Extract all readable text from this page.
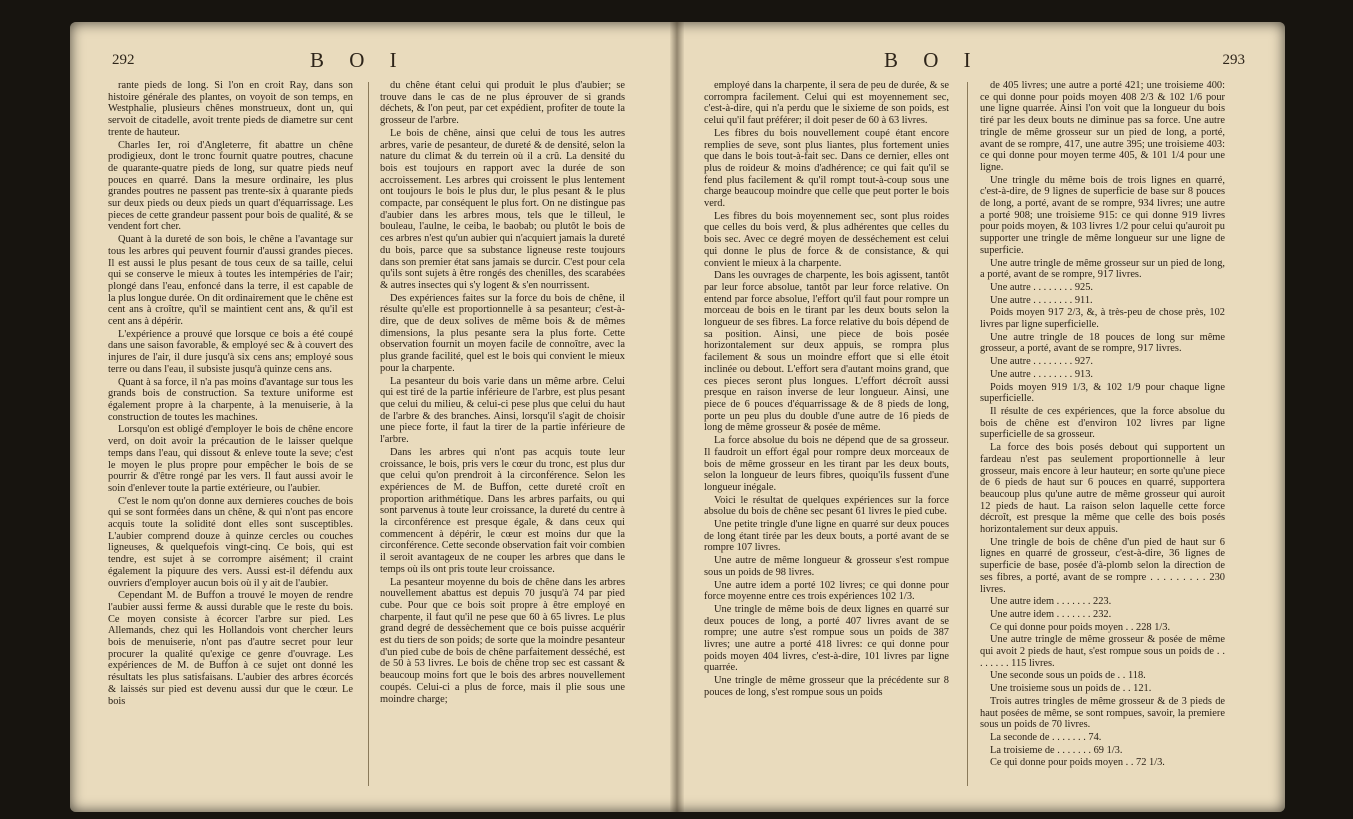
292	B O I

rante pieds de long. Si l'on en croit Ray, dans son histoire générale des plantes, on voyoit de son temps, en Westphalie, plusieurs chênes monstrueux, dont un, qui servoit de citadelle, avoit trente pieds de diametre sur cent trente de hauteur.

Charles Ier, roi d'Angleterre, fit abattre un chêne prodigieux, dont le tronc fournit quatre poutres, chacune de quarante-quatre pieds de long, sur quatre pieds neuf pouces en quarré. Dans la mesure ordinaire, les plus grandes poutres ne passent pas trente-six à quarante pieds sur deux pieds ou deux pieds un quart d'équarrissage. Les pieces de cette grandeur passent pour bois de qualité, & se vendent fort cher.

Quant à la dureté de son bois, le chêne a l'avantage sur tous les arbres qui peuvent fournir d'aussi grandes pieces. Il est aussi le plus pesant de tous ceux de sa taille, celui qui se conserve le mieux à toutes les intempéries de l'air; plongé dans l'eau, enfoncé dans la terre, il est capable de la plus longue durée. On dit ordinairement que le chêne est cent ans à croître, qu'il se maintient cent ans, & qu'il est cent ans à dépérir.

L'expérience a prouvé que lorsque ce bois a été coupé dans une saison favorable, & employé sec & à couvert des injures de l'air, il dure jusqu'à six cens ans; employé sous terre ou dans l'eau, il subsiste jusqu'à quinze cens ans.

Quant à sa force, il n'a pas moins d'avantage sur tous les grands bois de construction. Sa texture uniforme est également propre à la charpente, à la menuiserie, à la construction de toutes les machines.

Lorsqu'on est obligé d'employer le bois de chêne encore verd, on doit avoir la précaution de le laisser quelque temps dans l'eau, qui dissout & enleve toute la seve; c'est le moyen le plus propre pour empêcher le bois de se pourrir & d'être rongé par les vers. Il faut aussi avoir le soin d'enlever toute la partie extérieure, ou l'aubier.

C'est le nom qu'on donne aux dernieres couches de bois qui se sont formées dans un chêne, & qui n'ont pas encore acquis toute la solidité dont elles sont susceptibles. L'aubier comprend douze à quinze cercles ou couches ligneuses, & quelquefois vingt-cinq. Ce bois, qui est tendre, est sujet à se corrompre aisément; il craint également la piquure des vers. Aussi est-il défendu aux ouvriers d'employer aucun bois où il y ait de l'aubier.

Cependant M. de Buffon a trouvé le moyen de rendre l'aubier aussi ferme & aussi durable que le reste du bois. Ce moyen consiste à écorcer l'arbre sur pied. Les Allemands, chez qui les Hollandois vont chercher leurs bois de menuiserie, n'ont pas d'autre secret pour leur procurer la qualité qu'exige ce genre d'ouvrage. Les expériences de M. de Buffon à ce sujet ont donné les résultats les plus satisfaisans. L'aubier des arbres écorcés & laissés sur pied est devenu aussi dur que le cœur. Le bois

du chêne étant celui qui produit le plus d'aubier; se trouve dans le cas de ne plus éprouver de si grands déchets, & l'on peut, par cet expédient, profiter de toute la grosseur de l'arbre.

Le bois de chêne, ainsi que celui de tous les autres arbres, varie de pesanteur, de dureté & de densité, selon la nature du climat & du terrein où il a crû. La densité du bois est toujours en rapport avec la durée de son accroissement. Les arbres qui croissent le plus lentement ont toujours le bois le plus dur, le plus pesant & le plus compacte, par conséquent le plus fort. On ne distingue pas d'aubier dans les arbres mous, tels que le tilleul, le bouleau, l'aulne, le ceiba, le baobab; ou plutôt le bois de ces arbres n'est qu'un aubier qui n'acquiert jamais la dureté du bois, parce que sa substance ligneuse reste toujours dans son premier état sans jamais se durcir. C'est pour cela qu'ils sont sujets à être rongés des chenilles, des scarabées & autres insectes qui s'y logent & s'en nourrissent.

Des expériences faites sur la force du bois de chêne, il résulte qu'elle est proportionnelle à sa pesanteur; c'est-à-dire, que de deux solives de même bois & de mêmes dimensions, la plus pesante sera la plus forte. Cette observation fournit un moyen facile de connoître, avec la plus grande facilité, quel est le bois qui convient le mieux pour la charpente.

La pesanteur du bois varie dans un même arbre. Celui qui est tiré de la partie inférieure de l'arbre, est plus pesant que celui du milieu, & celui-ci pese plus que celui du haut de l'arbre & des branches. Ainsi, lorsqu'il s'agit de choisir une piece forte, il faut la tirer de la partie inférieure de l'arbre.

Dans les arbres qui n'ont pas acquis toute leur croissance, le bois, pris vers le cœur du tronc, est plus dur que celui qu'on prendroit à la circonférence. Selon les expériences de M. de Buffon, cette dureté croît en proportion arithmétique. Dans les arbres parfaits, ou qui sont parvenus à toute leur croissance, la dureté du centre à la circonférence est presque égale, & dans ceux qui commencent à dépérir, le cœur est moins dur que la circonférence. Cette seconde observation fait voir combien il seroit avantageux de ne couper les arbres que dans le temps où ils ont pris toute leur croissance.

La pesanteur moyenne du bois de chêne dans les arbres nouvellement abattus est depuis 70 jusqu'à 74 par pied cube. Pour que ce bois soit propre à être employé en charpente, il faut qu'il ne pese que 60 à 65 livres. Le plus grand degré de dessèchement que ce bois puisse acquérir est du tiers de son poids; de sorte que la moindre pesanteur d'un pied cube de bois de chêne parfaitement desséché, est de 50 à 53 livres. Le bois de chêne trop sec est cassant & beaucoup moins fort que le bois des arbres nouvellement coupés. Celui-ci a plus de force, mais il plie sous une moindre charge;

B O I	293

employé dans la charpente, il sera de peu de durée, & se corrompra facilement. Celui qui est moyennement sec, c'est-à-dire, qui n'a perdu que le sixieme de son poids, est celui qu'il faut préférer; il doit peser de 60 à 63 livres.

Les fibres du bois nouvellement coupé étant encore remplies de seve, sont plus liantes, plus fortement unies que dans le bois tout-à-fait sec. Dans ce dernier, elles ont plus de roideur & moins d'adhérence; ce qui fait qu'il se fend plus facilement & qu'il rompt tout-à-coup sous une charge beaucoup moindre que celle que peut porter le bois verd.

Les fibres du bois moyennement sec, sont plus roides que celles du bois verd, & plus adhérentes que celles du bois sec. Avec ce degré moyen de desséchement est celui qui donne le plus de force & de consistance, & qui convient le mieux à la charpente.

Dans les ouvrages de charpente, les bois agissent, tantôt par leur force absolue, tantôt par leur force relative. On entend par force absolue, l'effort qu'il faut pour rompre un morceau de bois en le tirant par les deux bouts selon la longueur de ses fibres. La force relative du bois dépend de sa position. Ainsi, une piece de bois posée horizontalement sur deux appuis, se rompra plus facilement & sous un moindre effort que si elle étoit inclinée ou debout. L'effort sera d'autant moins grand, que ces pieces seront plus longues. L'effort décroît aussi presque en raison inverse de leur longueur. Ainsi, une piece de 6 pouces d'équarrissage & de 8 pieds de long, porte un peu plus du double d'une autre de 16 pieds de long de même grosseur & posée de même.

La force absolue du bois ne dépend que de sa grosseur. Il faudroit un effort égal pour rompre deux morceaux de bois de même grosseur en les tirant par les deux bouts, selon la longueur de leurs fibres, quoiqu'ils fussent d'une longueur inégale.

Voici le résultat de quelques expériences sur la force absolue du bois de chêne sec pesant 61 livres le pied cube.

Une petite tringle d'une ligne en quarré sur deux pouces de long étant tirée par les deux bouts, a porté avant de se rompre 107 livres.

Une autre de même longueur & grosseur s'est rompue sous un poids de 98 livres.

Une autre idem a porté 102 livres; ce qui donne pour force moyenne entre ces trois expériences 102 1/3.

Une tringle de même bois de deux lignes en quarré sur deux pouces de long, a porté 407 livres avant de se rompre; une autre s'est rompue sous un poids de 387 livres; une autre a porté 418 livres: ce qui donne pour poids moyen 404 livres, c'est-à-dire, 101 livres par ligne quarrée.

Une tringle de même grosseur que la précédente sur 8 pouces de long, s'est rompue sous un poids

de 405 livres; une autre a porté 421; une troisieme 400: ce qui donne pour poids moyen 408 2/3 & 102 1/6 pour une ligne quarrée. Ainsi l'on voit que la longueur du bois tiré par les deux bouts ne diminue pas sa force. Une autre tringle de même grosseur sur un pied de long, a porté, avant de se rompre, 417, une autre 395; une troisieme 403: ce qui donne pour moyen terme 405, & 101 1/4 pour une ligne.

Une tringle du même bois de trois lignes en quarré, c'est-à-dire, de 9 lignes de superficie de base sur 8 pouces de long, a porté, avant de se rompre, 934 livres; une autre a porté 908; une troisieme 915: ce qui donne 919 livres pour poids moyen, & 103 livres 1/2 pour celui qu'auroit pu supporter une tringle de même longueur sur une ligne de superficie.

Une autre tringle de même grosseur sur un pied de long, a porté, avant de se rompre, 917 livres.

Une autre . . . . . . . . 925.

Une autre . . . . . . . . 911.

Poids moyen 917 2/3, &, à très-peu de chose près, 102 livres par ligne superficielle.

Une autre tringle de 18 pouces de long sur même grosseur, a porté, avant de se rompre, 917 livres.

Une autre . . . . . . . . 927.

Une autre . . . . . . . . 913.

Poids moyen 919 1/3, & 102 1/9 pour chaque ligne superficielle.

Il résulte de ces expériences, que la force absolue du bois de chêne est d'environ 102 livres par ligne superficielle de sa grosseur.

La force des bois posés debout qui supportent un fardeau n'est pas seulement proportionnelle à leur grosseur, mais encore à leur hauteur; en sorte qu'une piece de 6 pieds de haut sur 6 pouces en quarré, supportera beaucoup plus qu'une autre de même grosseur qui auroit 12 pieds de haut. La raison selon laquelle cette force décroît, est presque la même que celle des bois posés horizontalement sur deux appuis.

Une tringle de bois de chêne d'un pied de haut sur 6 lignes en quarré de grosseur, c'est-à-dire, 36 lignes de superficie de base, posée d'à-plomb selon la direction de ses fibres, a porté, avant de se rompre . . . . . . . . . 230 livres.

Une autre idem . . . . . . . 223.

Une autre idem . . . . . . . 232.

Ce qui donne pour poids moyen . . 228 1/3.

Une autre tringle de même grosseur & posée de même qui avoit 2 pieds de haut, s'est rompue sous un poids de . . . . . . . . 115 livres.

Une seconde sous un poids de . . 118.

Une troisieme sous un poids de . . 121.

Trois autres tringles de même grosseur & de 3 pieds de haut posées de même, se sont rompues, savoir, la premiere sous un poids de 70 livres.

La seconde de . . . . . . . 74.

La troisieme de . . . . . . . 69 1/3.

Ce qui donne pour poids moyen . . 72 1/3.
